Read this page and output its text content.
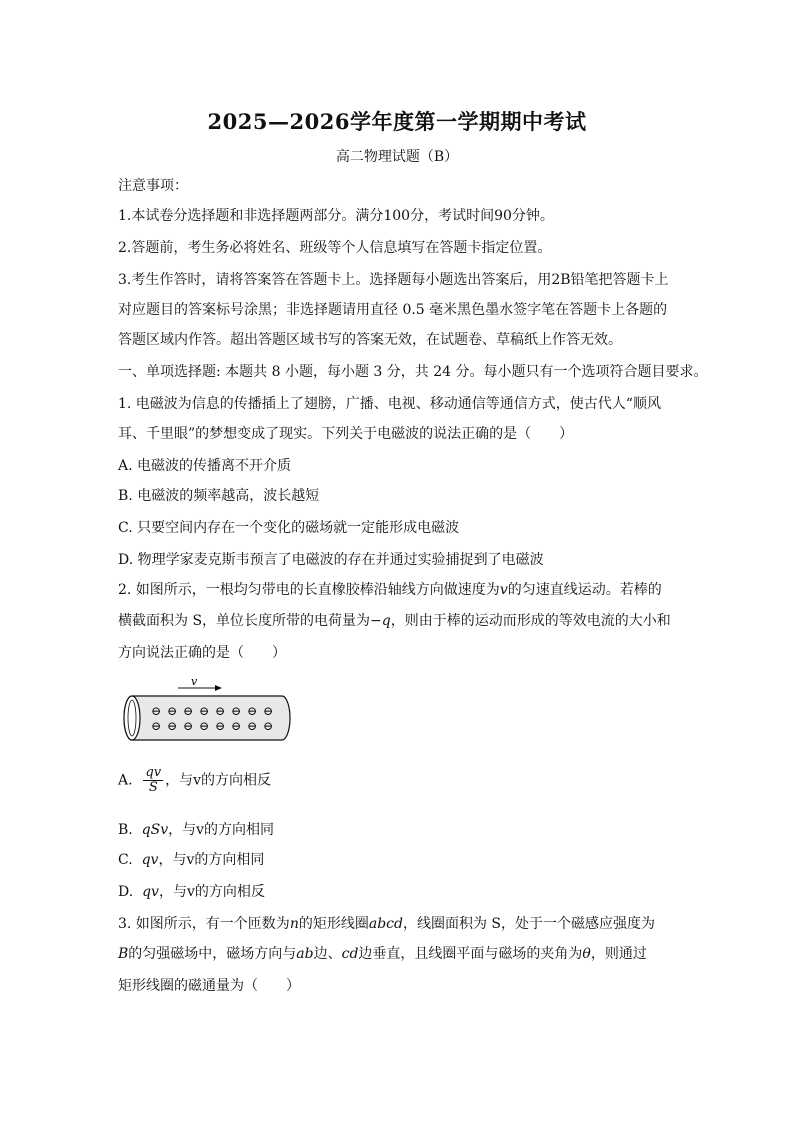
2025—2026学年度第一学期期中考试
高二物理试题（B）
注意事项：
1.本试卷分选择题和非选择题两部分。满分100分，考试时间90分钟。
2.答题前，考生务必将姓名、班级等个人信息填写在答题卡指定位置。
3.考生作答时，请将答案答在答题卡上。选择题每小题选出答案后，用2B铅笔把答题卡上
对应题目的答案标号涂黑；非选择题请用直径 0.5 毫米黑色墨水签字笔在答题卡上各题的
答题区域内作答。超出答题区域书写的答案无效，在试题卷、草稿纸上作答无效。
一、单项选择题: 本题共 8 小题，每小题 3 分，共 24 分。每小题只有一个选项符合题目要求。
1. 电磁波为信息的传播插上了翅膀，广播、电视、移动通信等通信方式，使古代人“顺风
耳、千里眼”的梦想变成了现实。下列关于电磁波的说法正确的是（　　）
A. 电磁波的传播离不开介质
B. 电磁波的频率越高，波长越短
C. 只要空间内存在一个变化的磁场就一定能形成电磁波
D. 物理学家麦克斯韦预言了电磁波的存在并通过实验捕捉到了电磁波
2. 如图所示，一根均匀带电的长直橡胶棒沿轴线方向做速度为v的匀速直线运动。若棒的
横截面积为 S，单位长度所带的电荷量为−q，则由于棒的运动而形成的等效电流的大小和
方向说法正确的是（　　）
v
⊖ ⊖ ⊖ ⊖ ⊖ ⊖ ⊖ ⊖
⊖ ⊖ ⊖ ⊖ ⊖ ⊖ ⊖ ⊖
A. $\frac{qv}{S}$ ，与v的方向相反
B. qSv，与v的方向相同
C. qv，与v的方向相同
D. qv，与v的方向相反
3. 如图所示，有一个匝数为n的矩形线圈abcd，线圈面积为 S，处于一个磁感应强度为
B的匀强磁场中，磁场方向与ab边、cd边垂直，且线圈平面与磁场的夹角为θ，则通过
矩形线圈的磁通量为（　　）
